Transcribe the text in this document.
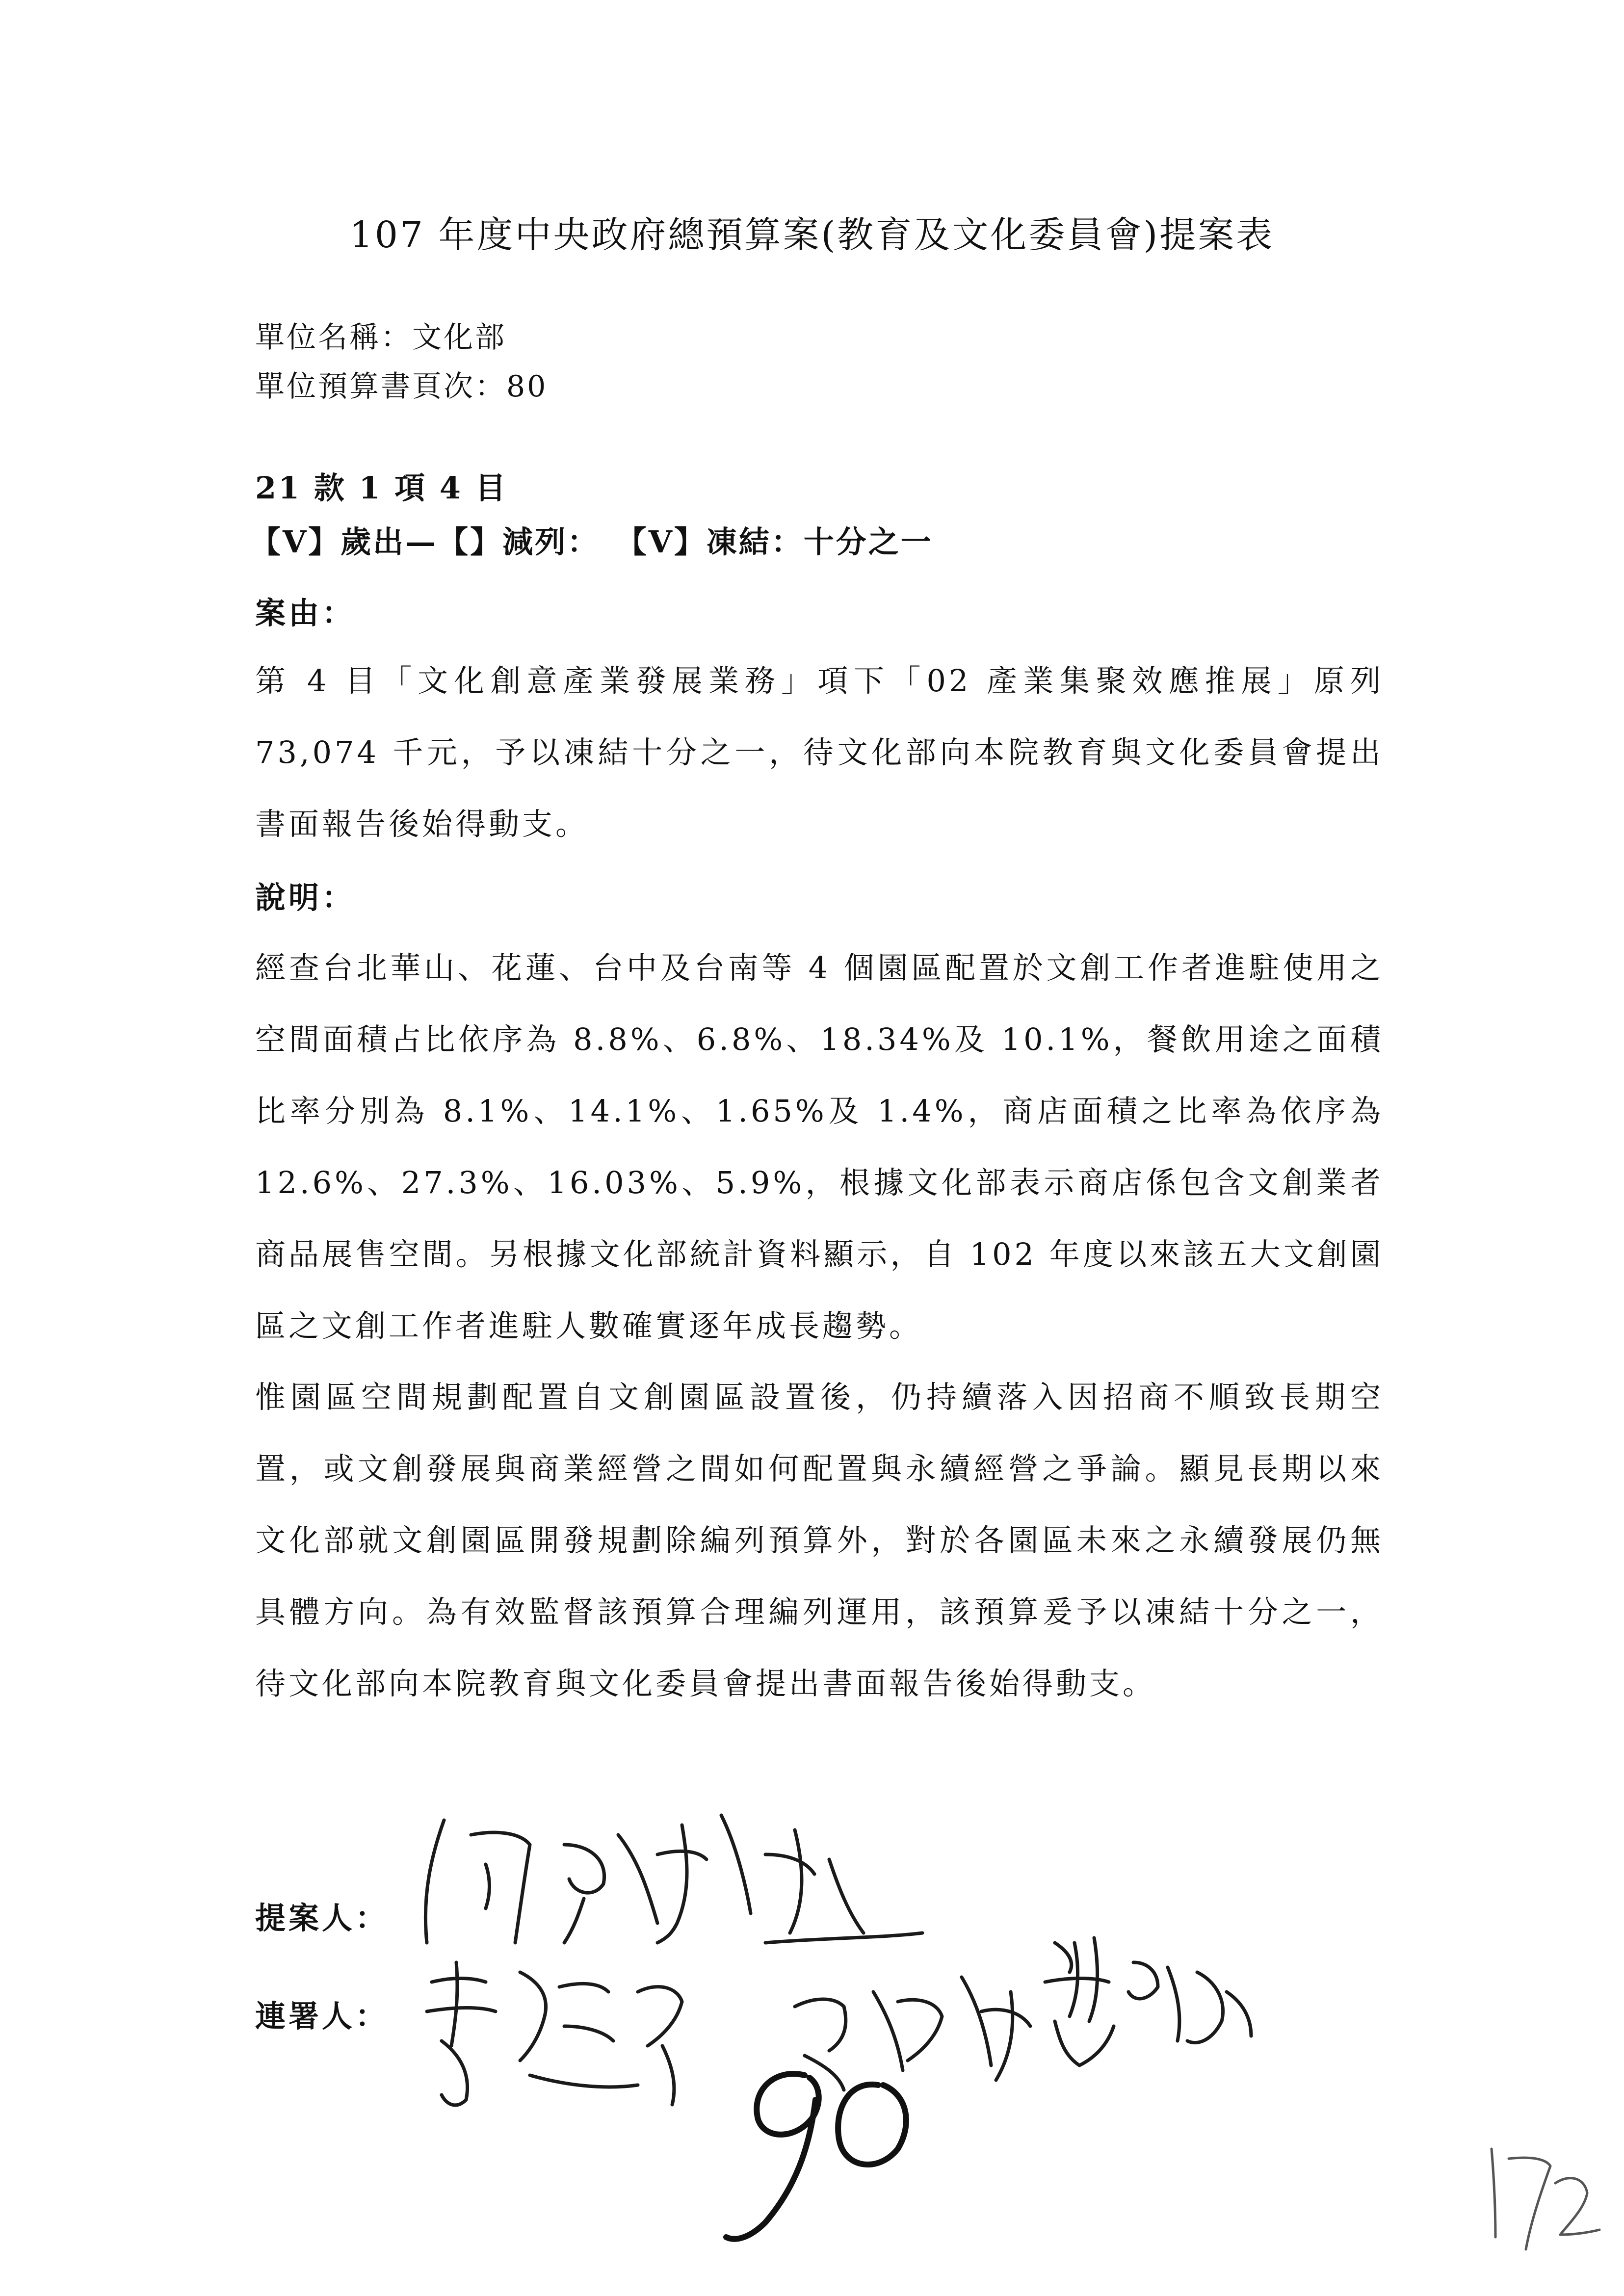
107 年度中央政府總預算案(教育及文化委員會)提案表
單位名稱：文化部
單位預算書頁次：80
21 款 1 項 4 目
【V】歲出—【】減列： 【V】凍結：十分之一
案由：
第 4 目「文化創意產業發展業務」項下「02 產業集聚效應推展」原列 73,074 千元，予以凍結十分之一，待文化部向本院教育與文化委員會提出書面報告後始得動支。
說明：
經查台北華山、花蓮、台中及台南等 4 個園區配置於文創工作者進駐使用之空間面積占比依序為 8.8%、6.8%、18.34%及 10.1%，餐飲用途之面積比率分別為 8.1%、14.1%、1.65%及 1.4%，商店面積之比率為依序為 12.6%、27.3%、16.03%、5.9%，根據文化部表示商店係包含文創業者商品展售空間。另根據文化部統計資料顯示，自 102 年度以來該五大文創園區之文創工作者進駐人數確實逐年成長趨勢。
惟園區空間規劃配置自文創園區設置後，仍持續落入因招商不順致長期空置，或文創發展與商業經營之間如何配置與永續經營之爭論。顯見長期以來文化部就文創園區開發規劃除編列預算外，對於各園區未來之永續發展仍無具體方向。為有效監督該預算合理編列運用，該預算爰予以凍結十分之一，待文化部向本院教育與文化委員會提出書面報告後始得動支。
提案人：
連署人：
